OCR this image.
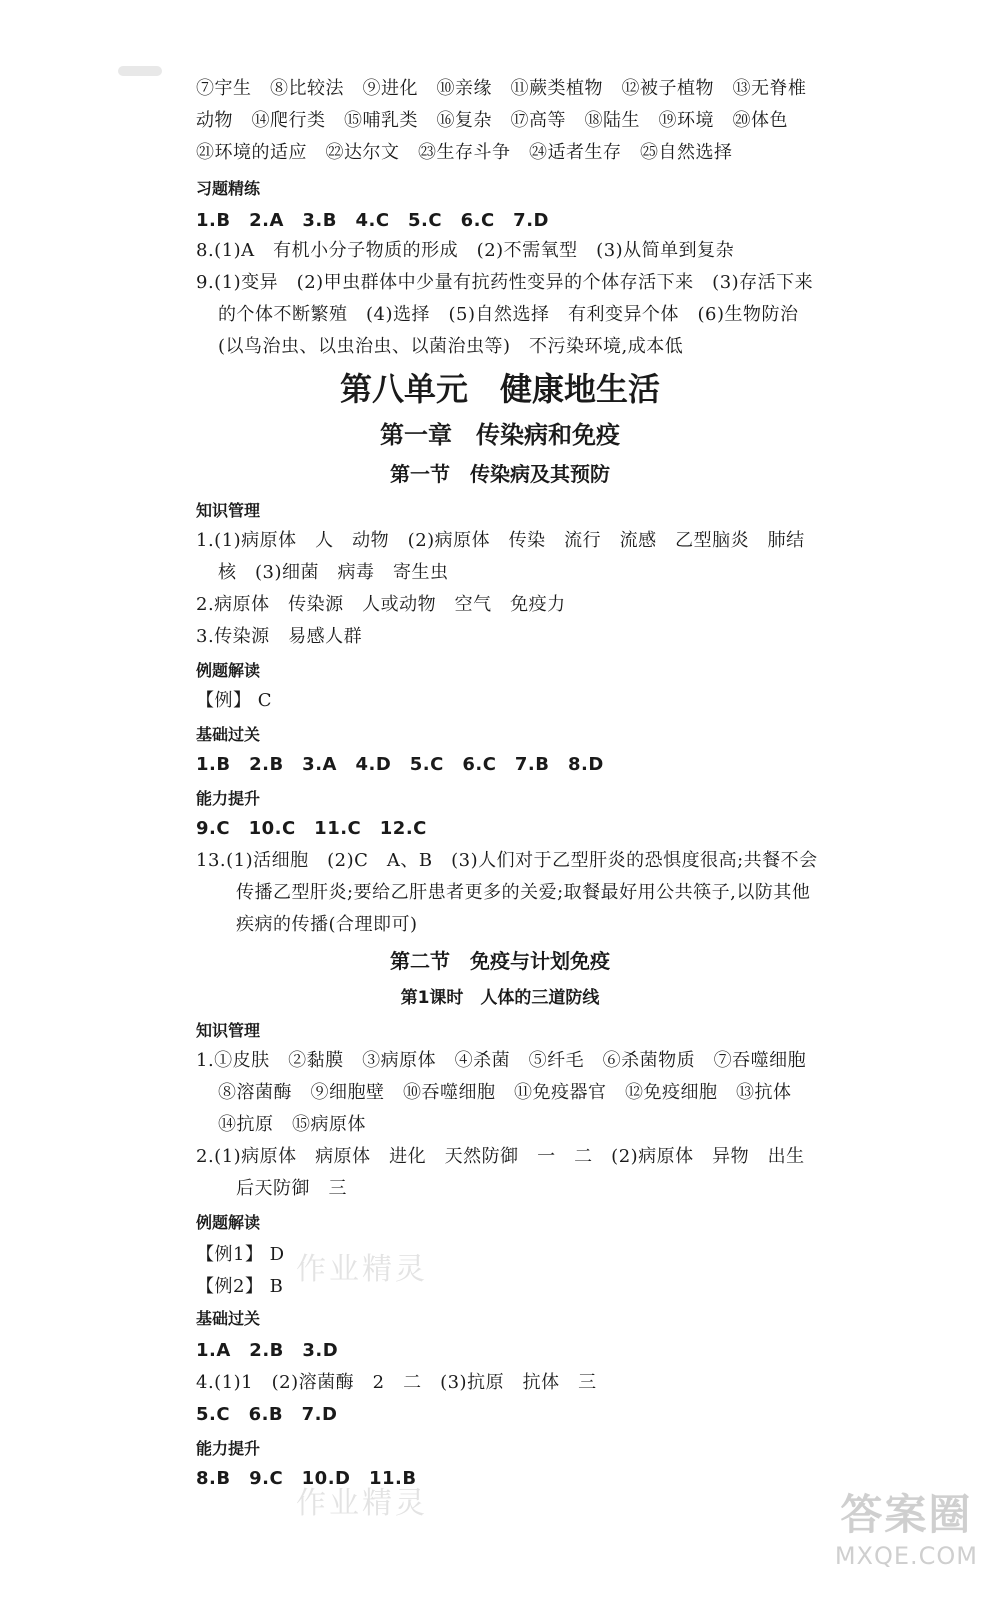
⑦宇生　⑧比较法　⑨进化　⑩亲缘　⑪蕨类植物　⑫被子植物　⑬无脊椎
动物　⑭爬行类　⑮哺乳类　⑯复杂　⑰高等　⑱陆生　⑲环境　⑳体色
㉑环境的适应　㉒达尔文　㉓生存斗争　㉔适者生存　㉕自然选择
习题精练
1.B　2.A　3.B　4.C　5.C　6.C　7.D
8.(1)A　有机小分子物质的形成　(2)不需氧型　(3)从简单到复杂
9.(1)变异　(2)甲虫群体中少量有抗药性变异的个体存活下来　(3)存活下来
的个体不断繁殖　(4)选择　(5)自然选择　有利变异个体　(6)生物防治
(以鸟治虫、以虫治虫、以菌治虫等)　不污染环境,成本低
第八单元　健康地生活
第一章　传染病和免疫
第一节　传染病及其预防
知识管理
1.(1)病原体　人　动物　(2)病原体　传染　流行　流感　乙型脑炎　肺结
核　(3)细菌　病毒　寄生虫
2.病原体　传染源　人或动物　空气　免疫力
3.传染源　易感人群
例题解读
【例】 C
基础过关
1.B　2.B　3.A　4.D　5.C　6.C　7.B　8.D
能力提升
9.C　10.C　11.C　12.C
13.(1)活细胞　(2)C　A、B　(3)人们对于乙型肝炎的恐惧度很高;共餐不会
传播乙型肝炎;要给乙肝患者更多的关爱;取餐最好用公共筷子,以防其他
疾病的传播(合理即可)
第二节　免疫与计划免疫
第1课时　人体的三道防线
知识管理
1.①皮肤　②黏膜　③病原体　④杀菌　⑤纤毛　⑥杀菌物质　⑦吞噬细胞
⑧溶菌酶　⑨细胞壁　⑩吞噬细胞　⑪免疫器官　⑫免疫细胞　⑬抗体
⑭抗原　⑮病原体
2.(1)病原体　病原体　进化　天然防御　一　二　(2)病原体　异物　出生
后天防御　三
例题解读
【例1】 D
【例2】 B
基础过关
1.A　2.B　3.D
4.(1)1　(2)溶菌酶　2　二　(3)抗原　抗体　三
5.C　6.B　7.D
能力提升
8.B　9.C　10.D　11.B
作业精灵
作业精灵	答案圈
MXQE.COM
